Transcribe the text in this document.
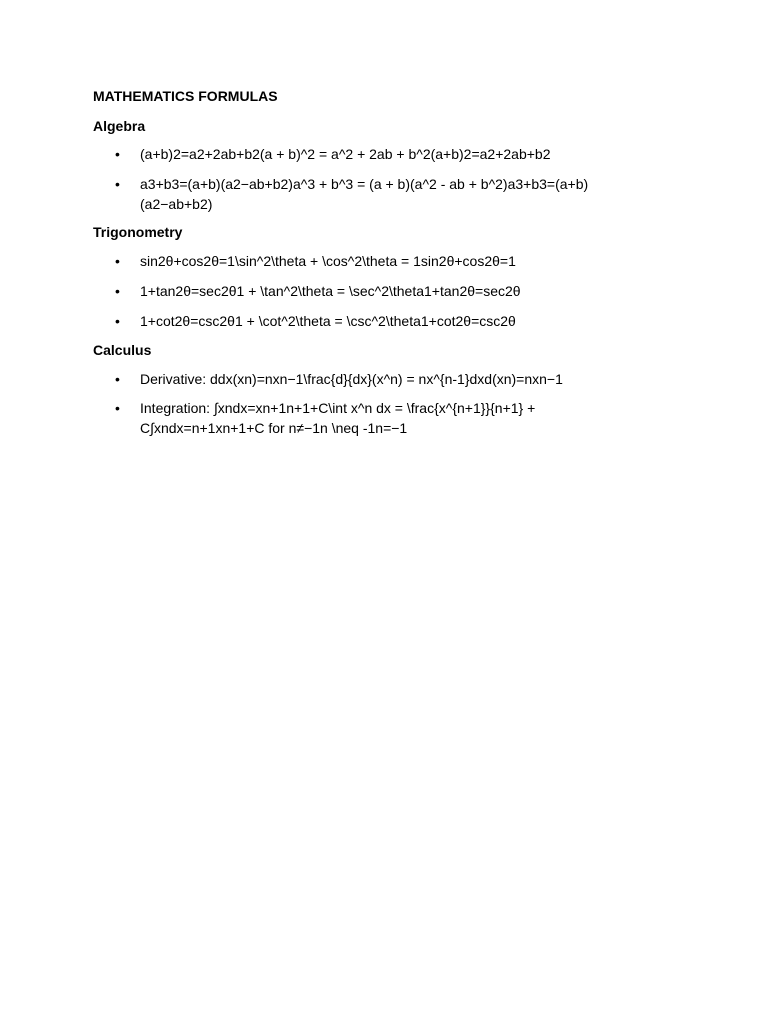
MATHEMATICS FORMULAS
Algebra
•	(a+b)2=a2+2ab+b2(a + b)^2 = a^2 + 2ab + b^2(a+b)2=a2+2ab+b2
•	a3+b3=(a+b)(a2−ab+b2)a^3 + b^3 = (a + b)(a^2 - ab + b^2)a3+b3=(a+b)(a2−ab+b2)
Trigonometry
•	sin2θ+cos2θ=1\sin^2\theta + \cos^2\theta = 1sin2θ+cos2θ=1
•	1+tan2θ=sec2θ1 + \tan^2\theta = \sec^2\theta1+tan2θ=sec2θ
•	1+cot2θ=csc2θ1 + \cot^2\theta = \csc^2\theta1+cot2θ=csc2θ
Calculus
•	Derivative: ddx(xn)=nxn−1\frac{d}{dx}(x^n) = nx^{n-1}dxd(xn)=nxn−1
•	Integration: ∫xndx=xn+1n+1+C\int x^n dx = \frac{x^{n+1}}{n+1} + C∫xndx=n+1xn+1+C for n≠−1n \neq -1n=−1
